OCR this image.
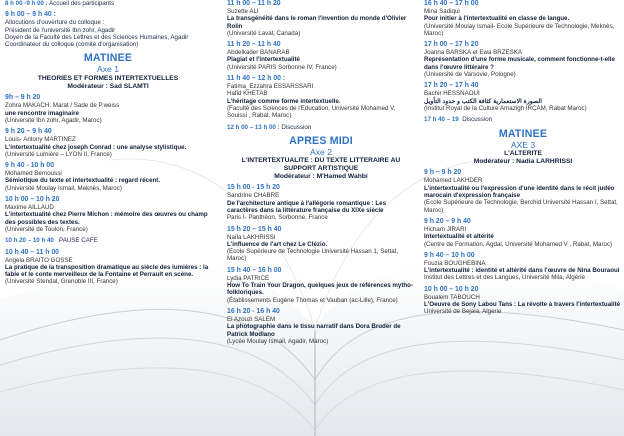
8 h 00 -9 h 00 : Accueil des participants
9 h 00 – 9 h 40 :
Allocutions d'ouverture du colloque :
Président de l'université Ibn zohr, Agadir
Doyen de la Faculté des Lettres et des Sciences Humaines, Agadir
Coordinateur du colloque (comité d'organisation)
MATINEE
Axe 1
THEORIES ET FORMES INTERTEXTUELLES
Modérateur : Sad SLAMTI
9h – 9 h 20
Zohra MAKACH. Marat / Sade de P.weiss
une rencontre imaginaire
(Universite Ibn zohr, Agadir, Maroc)
9 h 20 – 9 h 40
Louis- Antony MARTINEZ
L'intertextualité chez joseph Conrad : une analyse stylistique.
(Université Lumière – LYON II, France)
9 h 40 - 10 h 00
Mohamed Bernoussi
Sémiotique du texte et intertextualité : regard récent.
(Université Moulay Ismail, Meknès, Maroc)
10 h 00 – 10 h 20
Maxime AILLAUD
L'intertextualité chez Pierre Michon : mémoire des œuvres ou champ des possibles des textes.
(Université de Toulon, France)
10 h 20 – 10 h 40 PAUSE CAFE
10 h 40 – 11 h 00
Angela BRAITO GOSSE
La pratique de la transposition dramatique au siècle des lumières : la fable et le conte merveilleux de la Fontaine et Perrault en scène.
(Université Stendal, Grenoble III, France)
11 h 00 – 11 h 20
Suzette ALI
La transgénéité dans le roman l'invention du monde d'Olivier Rolin
(Université Laval, Canada)
11 h 20 – 11 h 40
Abdelkader BANARAB
Plagiat et l'intertextualité
(Université PARIS Sorbonne IV, France)
11 h 40 – 12 h 00 :
Fatima_Ezzahra ESSARSSARI
Hafid KHETAB
L'héritage comme forme intertextuelle.
(Faculté des Sciences de l'Education, Université Mohamed V, Souissi , Rabat, Maroc)
12 h 00 – 13 h 00 : Discussion
APRES MIDI
Axe 2
L'INTERTEXTUALITE : DU TEXTE LITTERAIRE AU SUPPORT ARTISTIQUE
Modérateur : M'Hamed Wahbi
15 h 00 - 15 h 20
Sandrine CHABRE
De l'architecture antique à l'allégorie romantique : Les caractères dans la littérature française du XIXe siècle
Paris I- Panthéon, Sorbonne, France
15 h 20 – 15 h 40
Naïla LAKHRISSI
L'influence de l'art chez Le Clézio.
(Ecole Supérieure de Technologie Université Hassan 1, Settat, Maroc)
15 h 40 – 16 h 00
Lydia PATRICE
How To Train Your Dragon, quelques jeux de références mytho-folkloriques.
(Établissements Eugène Thomas et Vauban (ac-Lille), France)
16 h 20 - 16 h 40
El Azouzi SALEM
La photographie dans le tissu narratif dans Dora Bruder de Patrick Modiano
(Lycée Moulay Ismail, Agadir, Maroc)
16 h 40 – 17 h 00
Mina Sadiqui
Pour initier à l'intertextualité en classe de langue.
(Université Moulay Ismail- Ecole Supérieure de Technologie, Meknès, Maroc)
17 h 00 – 17 h 20
Joanna BARSKA et Ewa BRZESKA
Représentation d'une forme musicale, comment fonctionne-t-elle dans l'œuvre littéraire ?
(Université de Varsovie, Pologne)
17 h 20 – 17 h 40
Bachir HESSNAOUI
الصورة الاستعمارية كثافة الكتب و حدود التأويل
(Institut Royal de la Culture Amazigh IRCAM, Rabat Maroc)
17 h 40 – 19 Discussion
MATINEE
AXE 3
L'ALTERITE
Modérateur : Nadia LARHRISSI
9 h – 9 h 20
Mohamed LAKHDER
L'intertextualité ou l'expression d'une identité dans le récit judéo marocain d'expression française
(Ecole Supérieure de Technologie, Berchid Université Hassan I, Settat, Maroc)
9 h 20 – 9 h 40
Hicham JIRARI
Intertextualité et altérité
(Centre de Formation, Agdal, Université Mohamed V , Rabat, Maroc)
9 h 40 – 10 h 00
Fouzia BOUGHEBINA
L'intertextualité : identité et altérité dans l'œuvre de Nina Bouraoui
Institut des Lettres et des Langues, Université Mila, Algérie
10 h 00 – 10 h 20
Boualem TABOUCH
L'Oeuvre de Sony Labou Tans : La révolte à travers l'intertextualité
Université de Bejaia, Algerie
